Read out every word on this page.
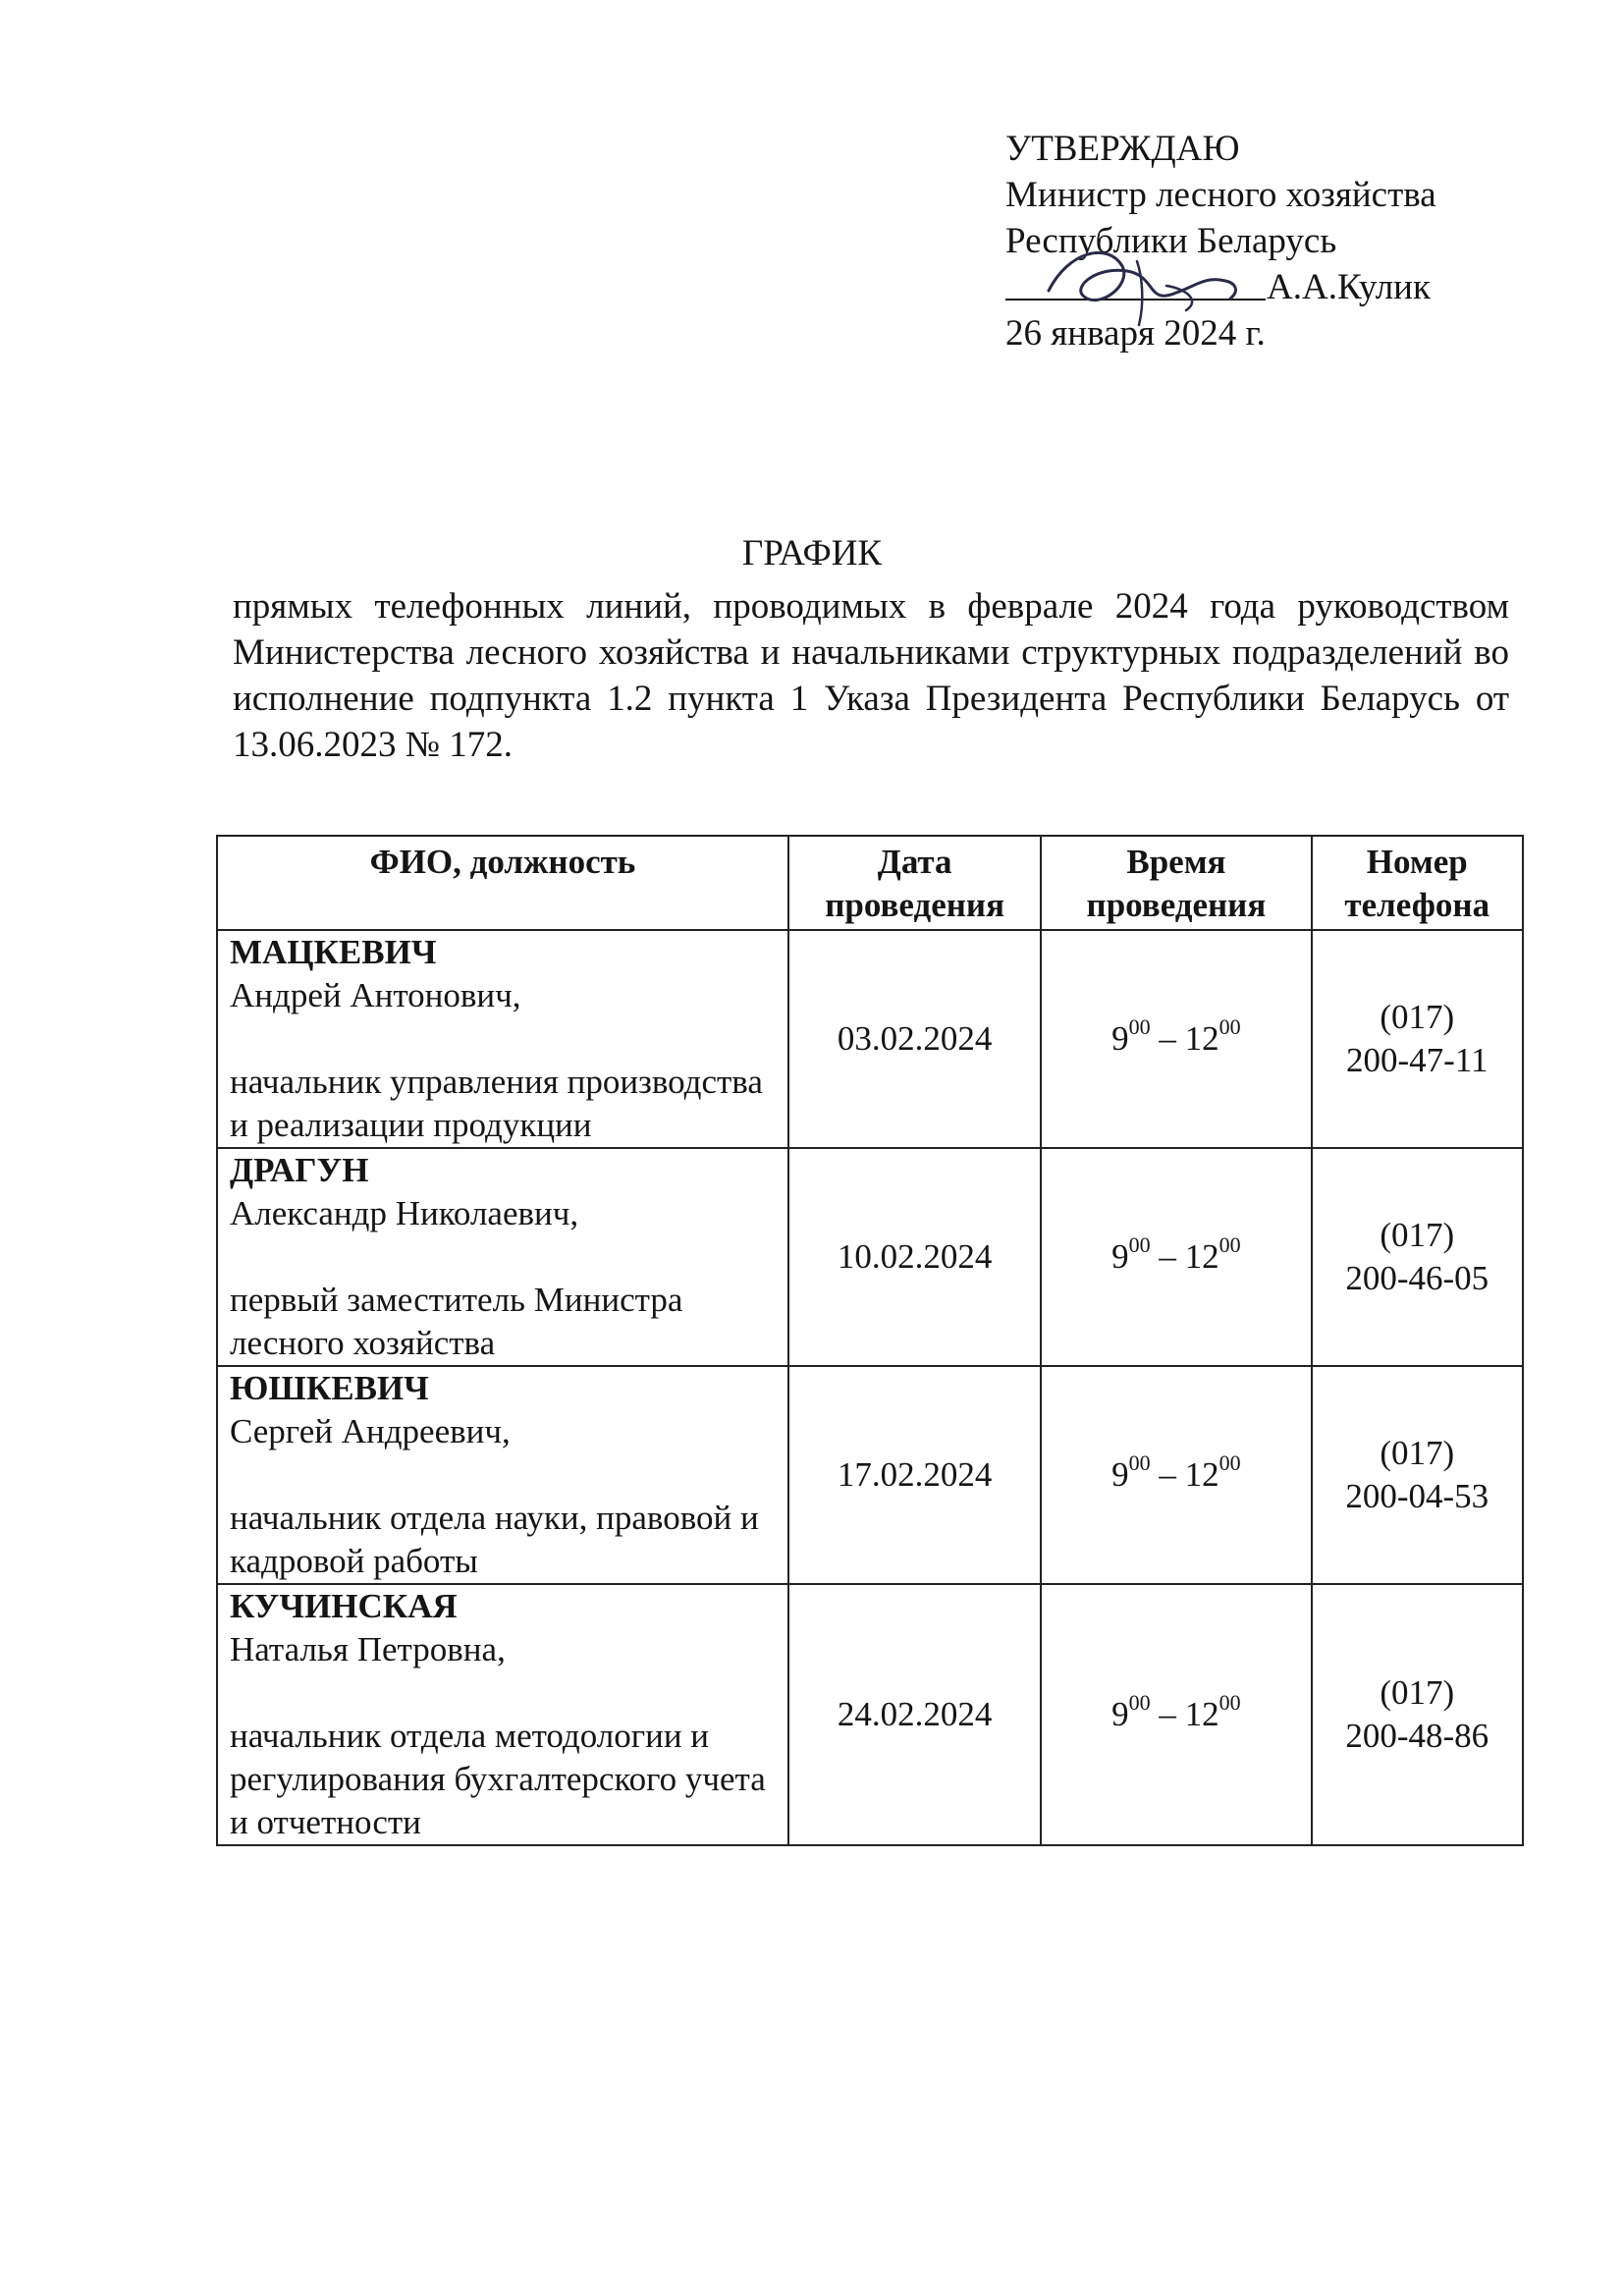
УТВЕРЖДАЮ
Министр лесного хозяйства
Республики Беларусь
А.А.Кулик
26 января 2024 г.
ГРАФИК
прямых телефонных линий, проводимых в феврале 2024 года руководством Министерства лесного хозяйства и начальниками структурных подразделений во исполнение подпункта 1.2 пункта 1 Указа Президента Республики Беларусь от 13.06.2023 № 172.
ФИО, должность	Дата проведения	Время проведения	Номер телефона

МАЦКЕВИЧ
Андрей Антонович,
начальник управления производства и реализации продукции	03.02.2024	$9^{00} - 12^{00}$	(017)
200-47-11

ДРАГУН
Александр Николаевич,
первый заместитель Министра лесного хозяйства	10.02.2024	$9^{00} - 12^{00}$	(017)
200-46-05

ЮШКЕВИЧ
Сергей Андреевич,
начальник отдела науки, правовой и кадровой работы	17.02.2024	$9^{00} - 12^{00}$	(017)
200-04-53

КУЧИНСКАЯ
Наталья Петровна,
начальник отдела методологии и регулирования бухгалтерского учета и отчетности	24.02.2024	$9^{00} - 12^{00}$	(017)
200-48-86
